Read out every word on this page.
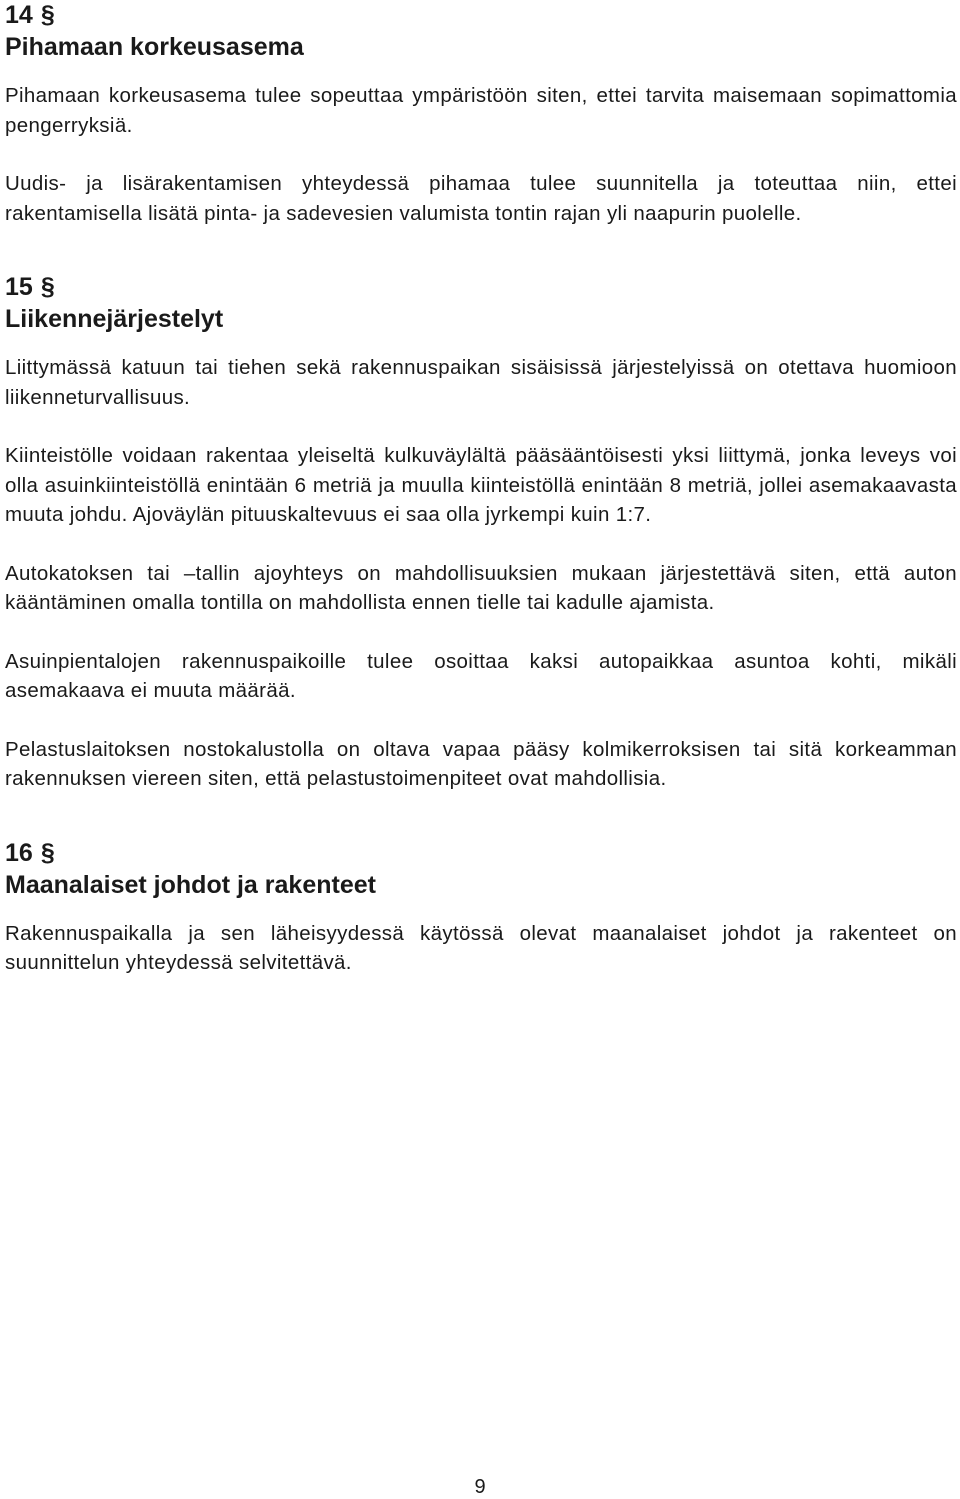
14 §
Pihamaan korkeusasema

Pihamaan korkeusasema tulee sopeuttaa ympäristöön siten, ettei tarvita maisemaan sopimattomia pengerryksiä.

Uudis- ja lisärakentamisen yhteydessä pihamaa tulee suunnitella ja toteuttaa niin, ettei rakentamisella lisätä pinta- ja sadevesien valumista tontin rajan yli naapurin puolelle.

15 §
Liikennejärjestelyt

Liittymässä katuun tai tiehen sekä rakennuspaikan sisäisissä järjestelyissä on otettava huomioon liikenneturvallisuus.

Kiinteistölle voidaan rakentaa yleiseltä kulkuväylältä pääsääntöisesti yksi liittymä, jonka leveys voi olla asuinkiinteistöllä enintään 6 metriä ja muulla kiinteistöllä enintään 8 metriä, jollei asemakaavasta muuta johdu. Ajoväylän pituuskaltevuus ei saa olla jyrkempi kuin 1:7.

Autokatoksen tai –tallin ajoyhteys on mahdollisuuksien mukaan järjestettävä siten, että auton kääntäminen omalla tontilla on mahdollista ennen tielle tai kadulle ajamista.

Asuinpientalojen rakennuspaikoille tulee osoittaa kaksi autopaikkaa asuntoa kohti, mikäli asemakaava ei muuta määrää.

Pelastuslaitoksen nostokalustolla on oltava vapaa pääsy kolmikerroksisen tai sitä korkeamman rakennuksen viereen siten, että pelastustoimenpiteet ovat mahdollisia.

16 §
Maanalaiset johdot ja rakenteet

Rakennuspaikalla ja sen läheisyydessä käytössä olevat maanalaiset johdot ja rakenteet on suunnittelun yhteydessä selvitettävä.

9
